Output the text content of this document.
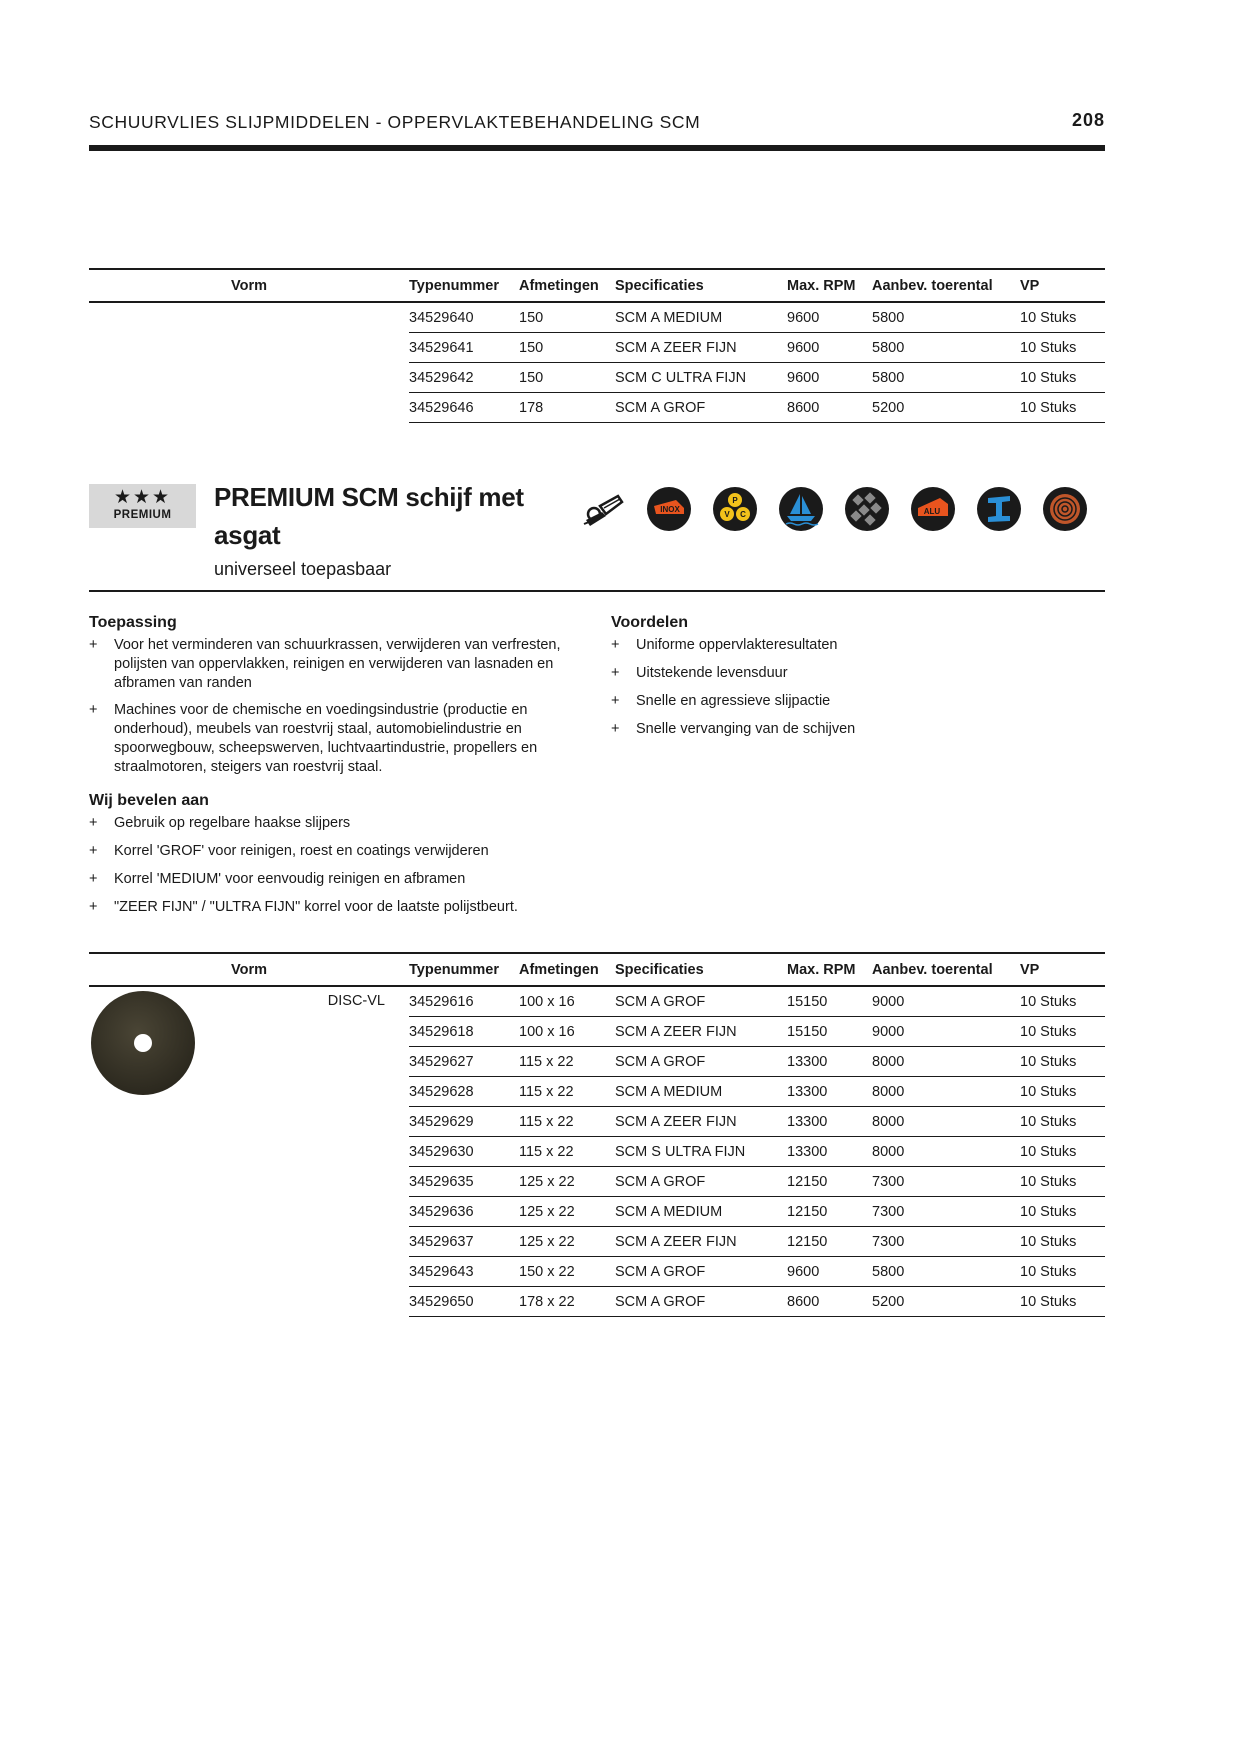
SCHUURVLIES SLIJPMIDDELEN - OPPERVLAKTEBEHANDELING SCM	208
Vorm	Typenummer	Afmetingen	Specificaties	Max. RPM	Aanbev. toerental	VP
	34529640	150	SCM A MEDIUM	9600	5800	10 Stuks
	34529641	150	SCM A ZEER FIJN	9600	5800	10 Stuks
	34529642	150	SCM C ULTRA FIJN	9600	5800	10 Stuks
	34529646	178	SCM A GROF	8600	5200	10 Stuks
★★★
PREMIUM
PREMIUM SCM schijf met asgat
universeel toepasbaar
INOX
P
V C	ALU
Toepassing
+ Voor het verminderen van schuurkrassen, verwijderen van verfresten, polijsten van oppervlakken, reinigen en verwijderen van lasnaden en afbramen van randen
+ Machines voor de chemische en voedingsindustrie (productie en onderhoud), meubels van roestvrij staal, automobielindustrie en spoorwegbouw, scheepswerven, luchtvaartindustrie, propellers en straalmotoren, steigers van roestvrij staal.
Voordelen
+ Uniforme oppervlakteresultaten
+ Uitstekende levensduur
+ Snelle en agressieve slijpactie
+ Snelle vervanging van de schijven
Wij bevelen aan
+ Gebruik op regelbare haakse slijpers
+ Korrel 'GROF' voor reinigen, roest en coatings verwijderen
+ Korrel 'MEDIUM' voor eenvoudig reinigen en afbramen
+ "ZEER FIJN" / "ULTRA FIJN" korrel voor de laatste polijstbeurt.
Vorm	Typenummer	Afmetingen	Specificaties	Max. RPM	Aanbev. toerental	VP

DISC-VL	34529616	100 x 16	SCM A GROF	15150	9000	10 Stuks
	34529618	100 x 16	SCM A ZEER FIJN	15150	9000	10 Stuks
	34529627	115 x 22	SCM A GROF	13300	8000	10 Stuks
	34529628	115 x 22	SCM A MEDIUM	13300	8000	10 Stuks
	34529629	115 x 22	SCM A ZEER FIJN	13300	8000	10 Stuks
	34529630	115 x 22	SCM S ULTRA FIJN	13300	8000	10 Stuks
	34529635	125 x 22	SCM A GROF	12150	7300	10 Stuks
	34529636	125 x 22	SCM A MEDIUM	12150	7300	10 Stuks
	34529637	125 x 22	SCM A ZEER FIJN	12150	7300	10 Stuks
	34529643	150 x 22	SCM A GROF	9600	5800	10 Stuks
	34529650	178 x 22	SCM A GROF	8600	5200	10 Stuks
